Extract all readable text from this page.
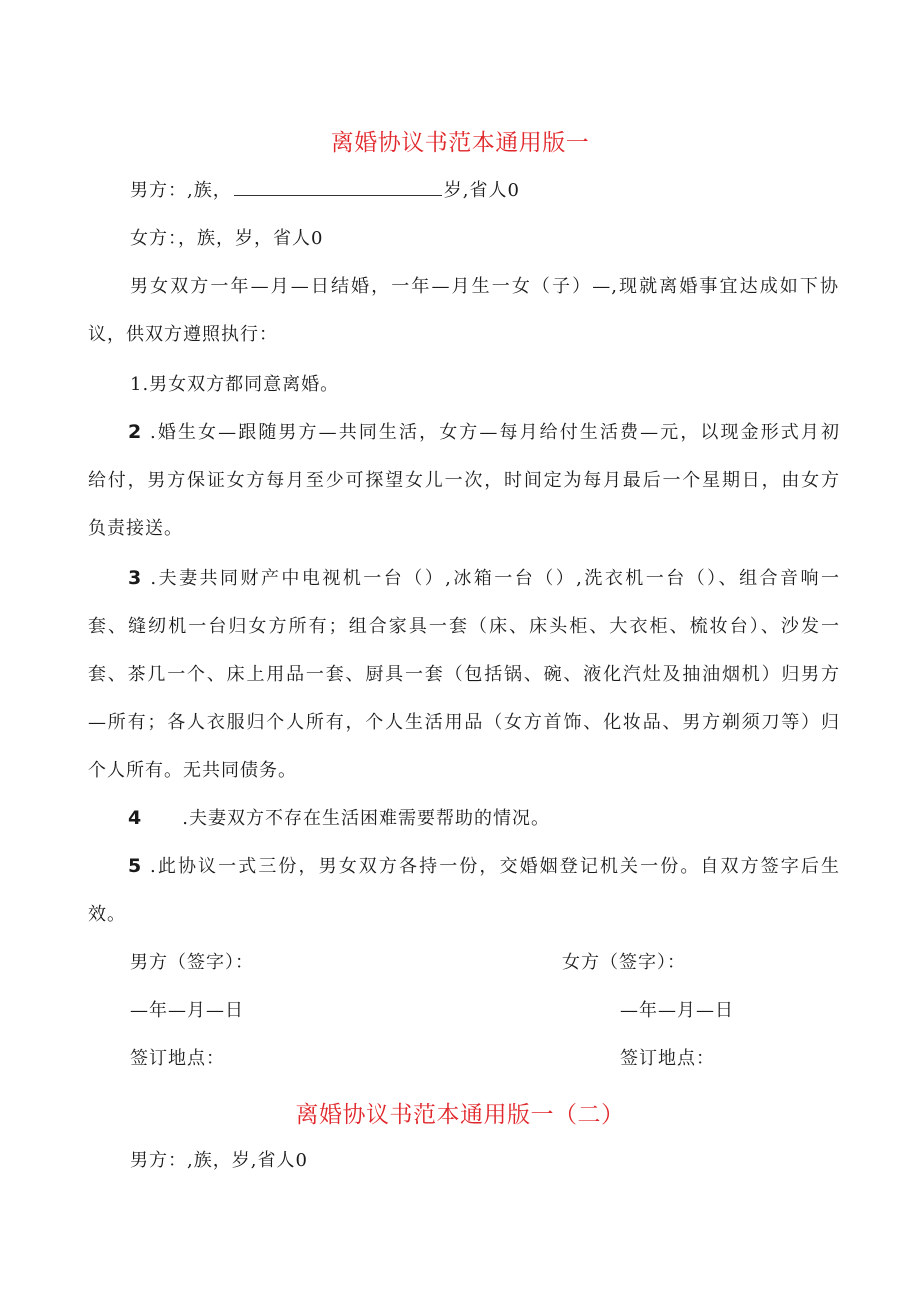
离婚协议书范本通用版一
男方：,族，	岁,省人0
女方：，族，岁，省人0
男女双方一年—月—日结婚，一年—月生一女（子）—,现就离婚事宜达成如下协
议，供双方遵照执行：
1.男女双方都同意离婚。
2 .婚生女—跟随男方—共同生活，女方—每月给付生活费—元，以现金形式月初
给付，男方保证女方每月至少可探望女儿一次，时间定为每月最后一个星期日，由女方
负责接送。
3 .夫妻共同财产中电视机一台（）,冰箱一台（）,洗衣机一台（）、组合音响一
套、缝纫机一台归女方所有；组合家具一套（床、床头柜、大衣柜、梳妆台）、沙发一
套、茶几一个、床上用品一套、厨具一套（包括锅、碗、液化汽灶及抽油烟机）归男方
—所有；各人衣服归个人所有，个人生活用品（女方首饰、化妆品、男方剃须刀等）归
个人所有。无共同债务。
4 .夫妻双方不存在生活困难需要帮助的情况。
5 .此协议一式三份，男女双方各持一份，交婚姻登记机关一份。自双方签字后生
效。
男方（签字）：	女方（签字）：
—年—月—日	—年—月—日
签订地点：	签订地点：
离婚协议书范本通用版一（二）
男方：,族，岁,省人0
